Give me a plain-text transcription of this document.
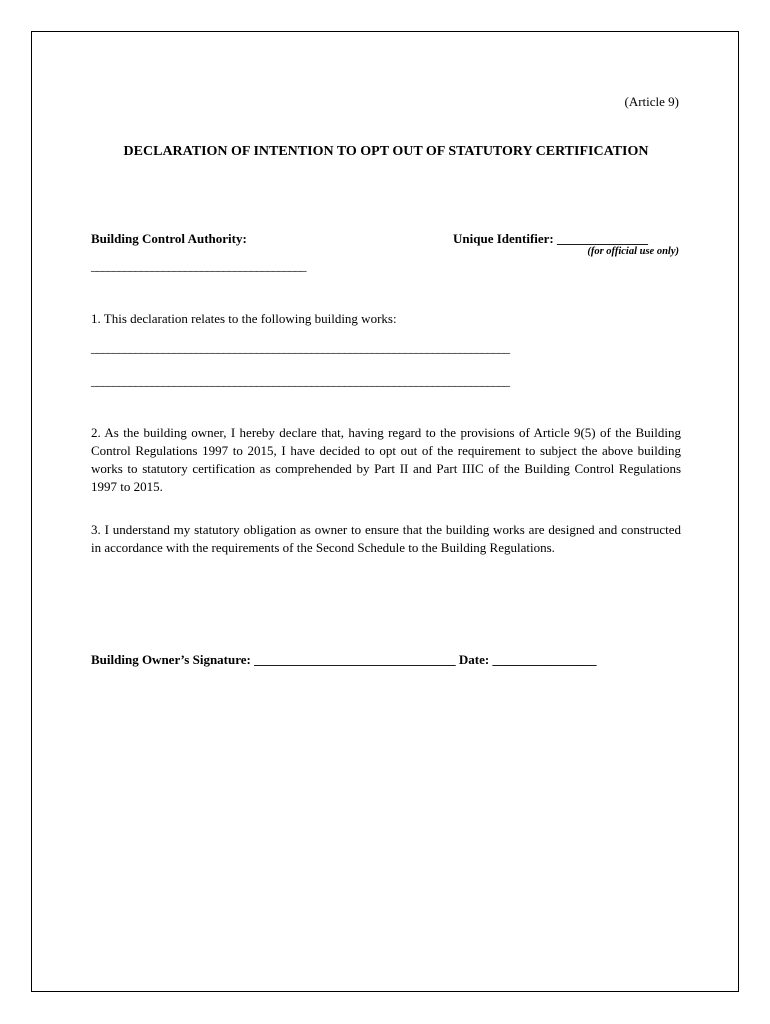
(Article 9)
DECLARATION OF INTENTION TO OPT OUT OF STATUTORY CERTIFICATION
Building Control Authority:	Unique Identifier: ______________
(for official use only)
_______________________________________
1. This declaration relates to the following building works:
____________________________________________________________________________
____________________________________________________________________________
2. As the building owner, I hereby declare that, having regard to the provisions of Article 9(5) of the Building Control Regulations 1997 to 2015, I have decided to opt out of the requirement to subject the above building works to statutory certification as comprehended by Part II and Part IIIC of the Building Control Regulations 1997 to 2015.
3. I understand my statutory obligation as owner to ensure that the building works are designed and constructed in accordance with the requirements of the Second Schedule to the Building Regulations.
Building Owner’s Signature: _______________________________ Date: ________________
